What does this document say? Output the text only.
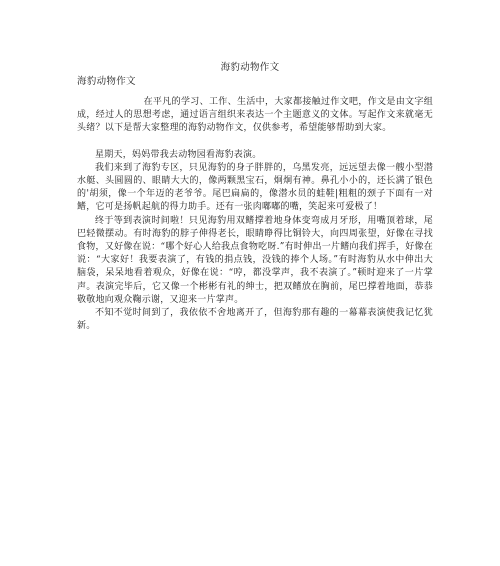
海豹动物作文
海豹动物作文

在平凡的学习、工作、生活中，大家都接触过作文吧，作文是由文字组成，经过人的思想考虑，通过语言组织来表达一个主题意义的文体。写起作文来就毫无头绪？以下是帮大家整理的海豹动物作文，仅供参考，希望能够帮助到大家。

星期天，妈妈带我去动物园看海豹表演。

我们来到了海豹专区，只见海豹的身子胖胖的，乌黑发亮，远远望去像一艘小型潜水艇、头圆圆的、眼睛大大的，像两颗黑宝石，炯炯有神。鼻孔小小的，还长满了银色的'胡须，像一个年迈的老爷爷。尾巴扁扁的，像潜水员的蛙鞋|粗粗的颈子下面有一对鳍，它可是扬帆起航的得力助手。还有一张肉嘟嘟的嘴，笑起来可爱极了！

终于等到表演时间啦！只见海豹用双鳍撑着地身体变弯成月牙形，用嘴顶着球，尾巴轻微摆动。有时海豹的脖子伸得老长，眼睛睁得比铜铃大，向四周张望，好像在寻找食物，又好像在说：“哪个好心人给我点食物吃呀.”有时伸出一片鳍向我们挥手，好像在说：“大家好！我要表演了，有钱的捐点钱，没钱的捧个人场。”有时海豹从水中伸出大脑袋，呆呆地看着观众，好像在说：“哼，都没掌声，我不表演了。”顿时迎来了一片掌声。表演完毕后，它又像一个彬彬有礼的绅士，把双鳍放在胸前，尾巴撑着地面，恭恭敬敬地向观众鞠示谢，又迎来一片掌声。

不知不觉时间到了，我依依不舍地离开了，但海豹那有趣的一幕幕表演使我记忆犹新。
